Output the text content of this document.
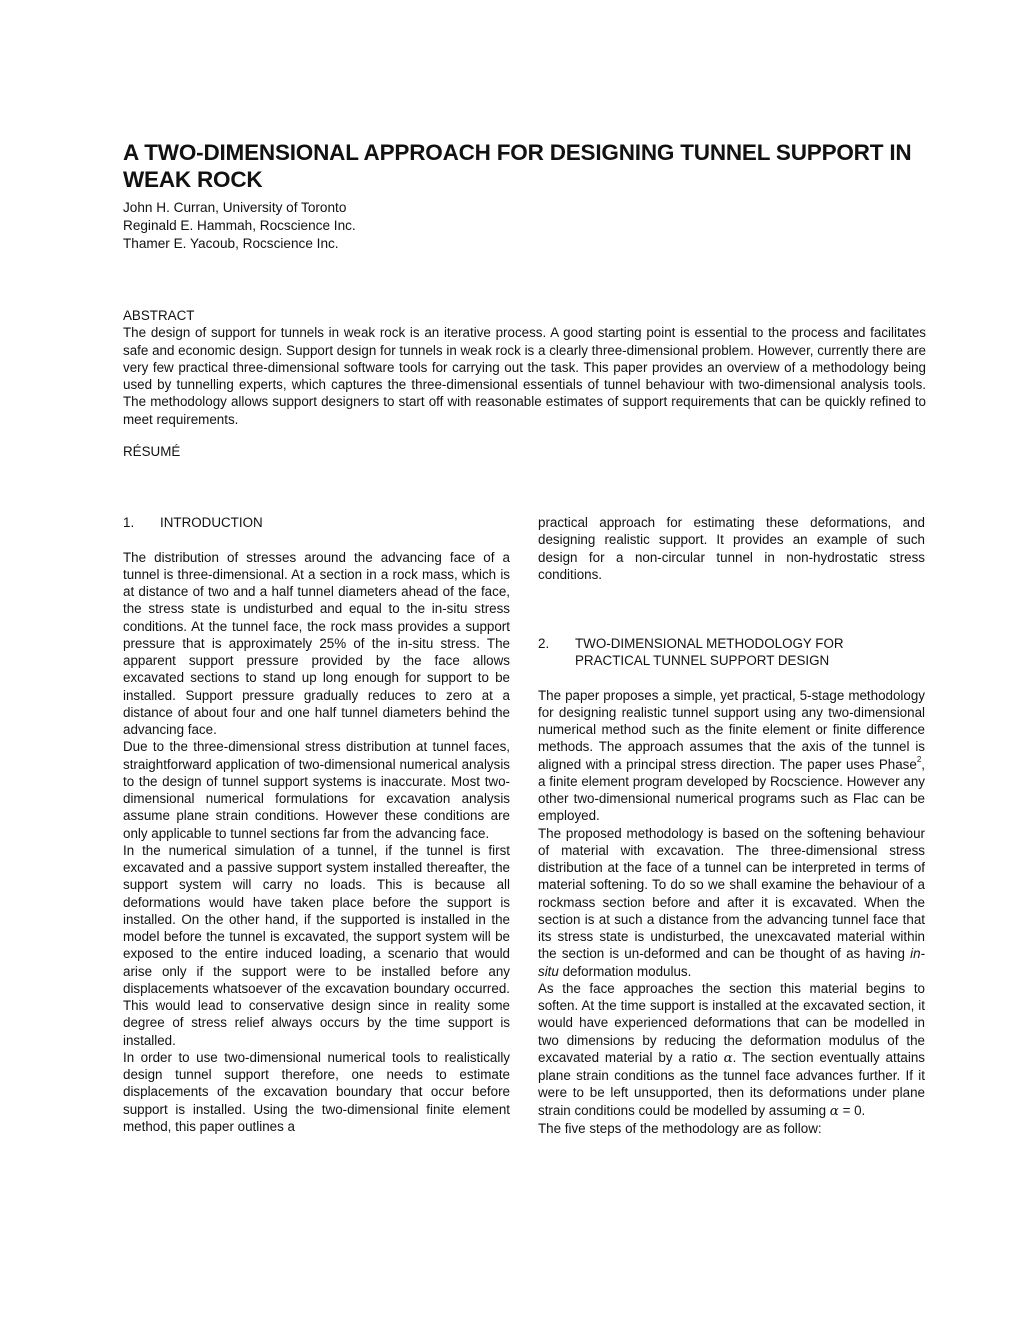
A TWO-DIMENSIONAL APPROACH FOR DESIGNING TUNNEL SUPPORT IN WEAK ROCK
John H. Curran, University of Toronto
Reginald E. Hammah, Rocscience Inc.
Thamer E. Yacoub, Rocscience Inc.

ABSTRACT

The design of support for tunnels in weak rock is an iterative process. A good starting point is essential to the process and facilitates safe and economic design. Support design for tunnels in weak rock is a clearly three-dimensional problem. However, currently there are very few practical three-dimensional software tools for carrying out the task. This paper provides an overview of a methodology being used by tunnelling experts, which captures the three-dimensional essentials of tunnel behaviour with two-dimensional analysis tools. The methodology allows support designers to start off with reasonable estimates of support requirements that can be quickly refined to meet requirements.

RÉSUMÉ
1.	INTRODUCTION

The distribution of stresses around the advancing face of a tunnel is three-dimensional. At a section in a rock mass, which is at distance of two and a half tunnel diameters ahead of the face, the stress state is undisturbed and equal to the in-situ stress conditions. At the tunnel face, the rock mass provides a support pressure that is approximately 25% of the in-situ stress. The apparent support pressure provided by the face allows excavated sections to stand up long enough for support to be installed. Support pressure gradually reduces to zero at a distance of about four and one half tunnel diameters behind the advancing face.

Due to the three-dimensional stress distribution at tunnel faces, straightforward application of two-dimensional numerical analysis to the design of tunnel support systems is inaccurate. Most two-dimensional numerical formulations for excavation analysis assume plane strain conditions. However these conditions are only applicable to tunnel sections far from the advancing face.

In the numerical simulation of a tunnel, if the tunnel is first excavated and a passive support system installed thereafter, the support system will carry no loads. This is because all deformations would have taken place before the support is installed. On the other hand, if the supported is installed in the model before the tunnel is excavated, the support system will be exposed to the entire induced loading, a scenario that would arise only if the support were to be installed before any displacements whatsoever of the excavation boundary occurred. This would lead to conservative design since in reality some degree of stress relief always occurs by the time support is installed.

In order to use two-dimensional numerical tools to realistically design tunnel support therefore, one needs to estimate displacements of the excavation boundary that occur before support is installed. Using the two-dimensional finite element method, this paper outlines a

practical approach for estimating these deformations, and designing realistic support. It provides an example of such design for a non-circular tunnel in non-hydrostatic stress conditions.

2.	TWO-DIMENSIONAL METHODOLOGY FOR
PRACTICAL TUNNEL SUPPORT DESIGN

The paper proposes a simple, yet practical, 5-stage methodology for designing realistic tunnel support using any two-dimensional numerical method such as the finite element or finite difference methods. The approach assumes that the axis of the tunnel is aligned with a principal stress direction. The paper uses Phase$^2$, a finite element program developed by Rocscience. However any other two-dimensional numerical programs such as Flac can be employed.

The proposed methodology is based on the softening behaviour of material with excavation. The three-dimensional stress distribution at the face of a tunnel can be interpreted in terms of material softening. To do so we shall examine the behaviour of a rockmass section before and after it is excavated. When the section is at such a distance from the advancing tunnel face that its stress state is undisturbed, the unexcavated material within the section is un-deformed and can be thought of as having in-situ deformation modulus.

As the face approaches the section this material begins to soften. At the time support is installed at the excavated section, it would have experienced deformations that can be modelled in two dimensions by reducing the deformation modulus of the excavated material by a ratio α. The section eventually attains plane strain conditions as the tunnel face advances further. If it were to be left unsupported, then its deformations under plane strain conditions could be modelled by assuming α = 0.

The five steps of the methodology are as follow:
